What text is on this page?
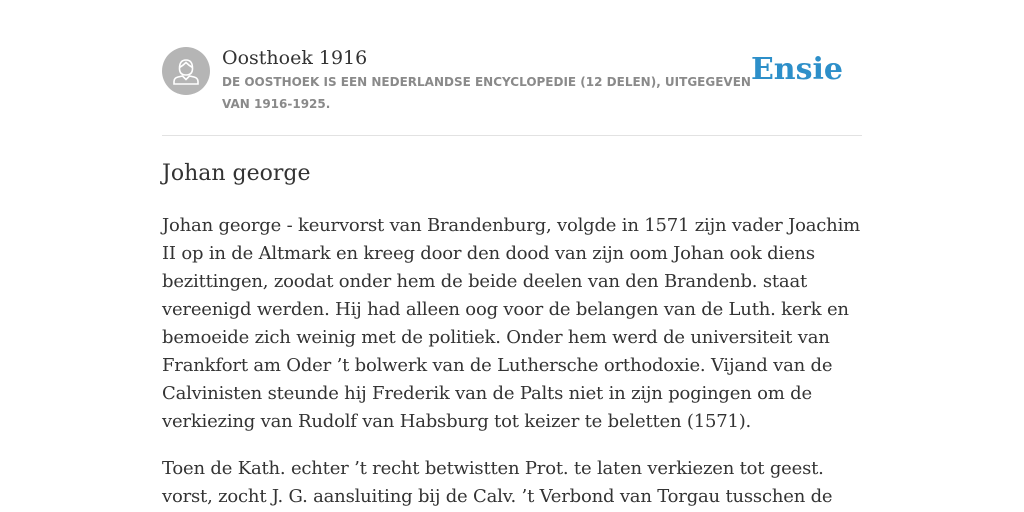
Oosthoek 1916
DE OOSTHOEK IS EEN NEDERLANDSE ENCYCLOPEDIE (12 DELEN), UITGEGEVEN VAN 1916-1925.
Ensie
Johan george

Johan george - keurvorst van Brandenburg, volgde in 1571 zijn vader Joachim II op in de Altmark en kreeg door den dood van zijn oom Johan ook diens bezittingen, zoodat onder hem de beide deelen van den Brandenb. staat vereenigd werden. Hij had alleen oog voor de belangen van de Luth. kerk en bemoeide zich weinig met de politiek. Onder hem werd de universiteit van Frankfort am Oder ’t bolwerk van de Luthersche orthodoxie. Vijand van de Calvinisten steunde hij Frederik van de Palts niet in zijn pogingen om de verkiezing van Rudolf van Habsburg tot keizer te beletten (1571).

Toen de Kath. echter ’t recht betwistten Prot. te laten verkiezen tot geest. vorst, zocht J. G. aansluiting bij de Calv. ’t Verbond van Torgau tusschen de
